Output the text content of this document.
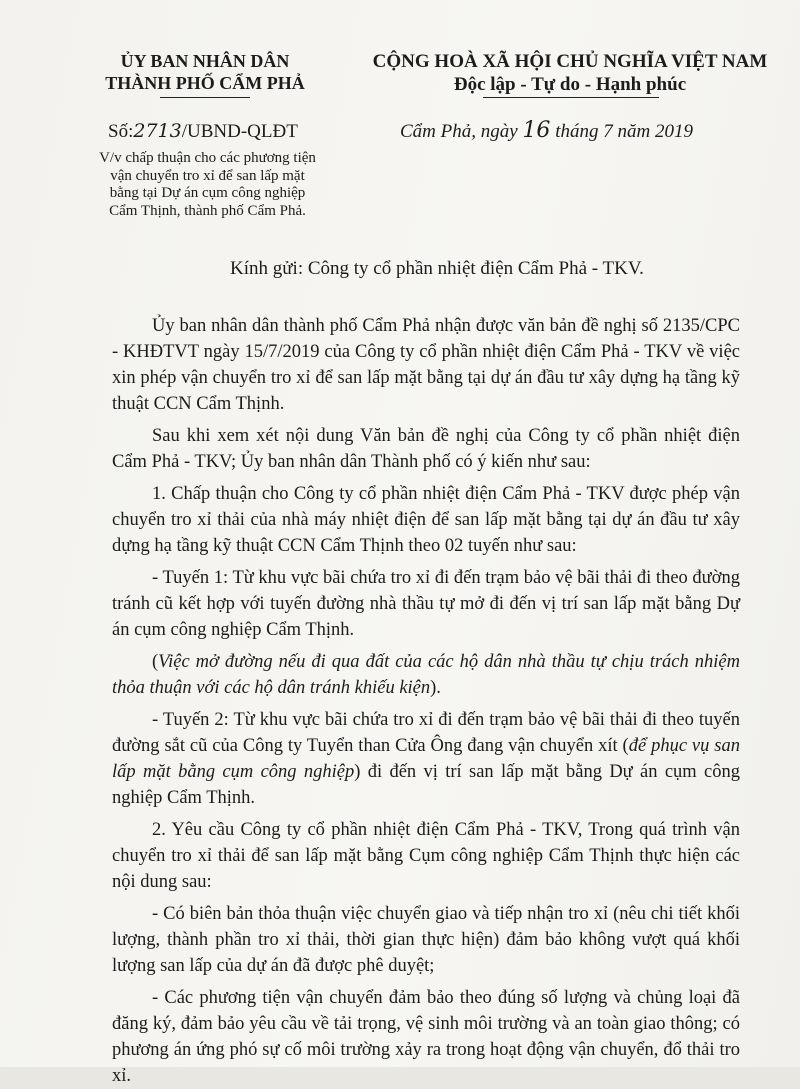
ỦY BAN NHÂN DÂN
THÀNH PHỐ CẨM PHẢ
CỘNG HOÀ XÃ HỘI CHỦ NGHĨA VIỆT NAM
Độc lập - Tự do - Hạnh phúc
Số:2713/UBND-QLĐT	Cẩm Phả, ngày 16 tháng 7 năm 2019
V/v chấp thuận cho các phương tiện vận chuyển tro xỉ để san lấp mặt bằng tại Dự án cụm công nghiệp Cẩm Thịnh, thành phố Cẩm Phả.
Kính gửi: Công ty cổ phần nhiệt điện Cẩm Phả - TKV.

Ủy ban nhân dân thành phố Cẩm Phả nhận được văn bản đề nghị số 2135/CPC - KHĐTVT ngày 15/7/2019 của Công ty cổ phần nhiệt điện Cẩm Phả - TKV về việc xin phép vận chuyển tro xỉ để san lấp mặt bằng tại dự án đầu tư xây dựng hạ tầng kỹ thuật CCN Cẩm Thịnh.

Sau khi xem xét nội dung Văn bản đề nghị của Công ty cổ phần nhiệt điện Cẩm Phả - TKV; Ủy ban nhân dân Thành phố có ý kiến như sau:

1. Chấp thuận cho Công ty cổ phần nhiệt điện Cẩm Phả - TKV được phép vận chuyển tro xỉ thải của nhà máy nhiệt điện để san lấp mặt bằng tại dự án đầu tư xây dựng hạ tầng kỹ thuật CCN Cẩm Thịnh theo 02 tuyến như sau:

- Tuyến 1: Từ khu vực bãi chứa tro xỉ đi đến trạm bảo vệ bãi thải đi theo đường tránh cũ kết hợp với tuyến đường nhà thầu tự mở đi đến vị trí san lấp mặt bằng Dự án cụm công nghiệp Cẩm Thịnh.

(Việc mở đường nếu đi qua đất của các hộ dân nhà thầu tự chịu trách nhiệm thỏa thuận với các hộ dân tránh khiếu kiện).

- Tuyến 2: Từ khu vực bãi chứa tro xỉ đi đến trạm bảo vệ bãi thải đi theo tuyến đường sắt cũ của Công ty Tuyển than Cửa Ông đang vận chuyển xít (để phục vụ san lấp mặt bằng cụm công nghiệp) đi đến vị trí san lấp mặt bằng Dự án cụm công nghiệp Cẩm Thịnh.

2. Yêu cầu Công ty cổ phần nhiệt điện Cẩm Phả - TKV, Trong quá trình vận chuyển tro xỉ thải để san lấp mặt bằng Cụm công nghiệp Cẩm Thịnh thực hiện các nội dung sau:

- Có biên bản thỏa thuận việc chuyển giao và tiếp nhận tro xỉ (nêu chi tiết khối lượng, thành phần tro xỉ thải, thời gian thực hiện) đảm bảo không vượt quá khối lượng san lấp của dự án đã được phê duyệt;

- Các phương tiện vận chuyển đảm bảo theo đúng số lượng và chủng loại đã đăng ký, đảm bảo yêu cầu về tải trọng, vệ sinh môi trường và an toàn giao thông; có phương án ứng phó sự cố môi trường xảy ra trong hoạt động vận chuyển, đổ thải tro xỉ.
